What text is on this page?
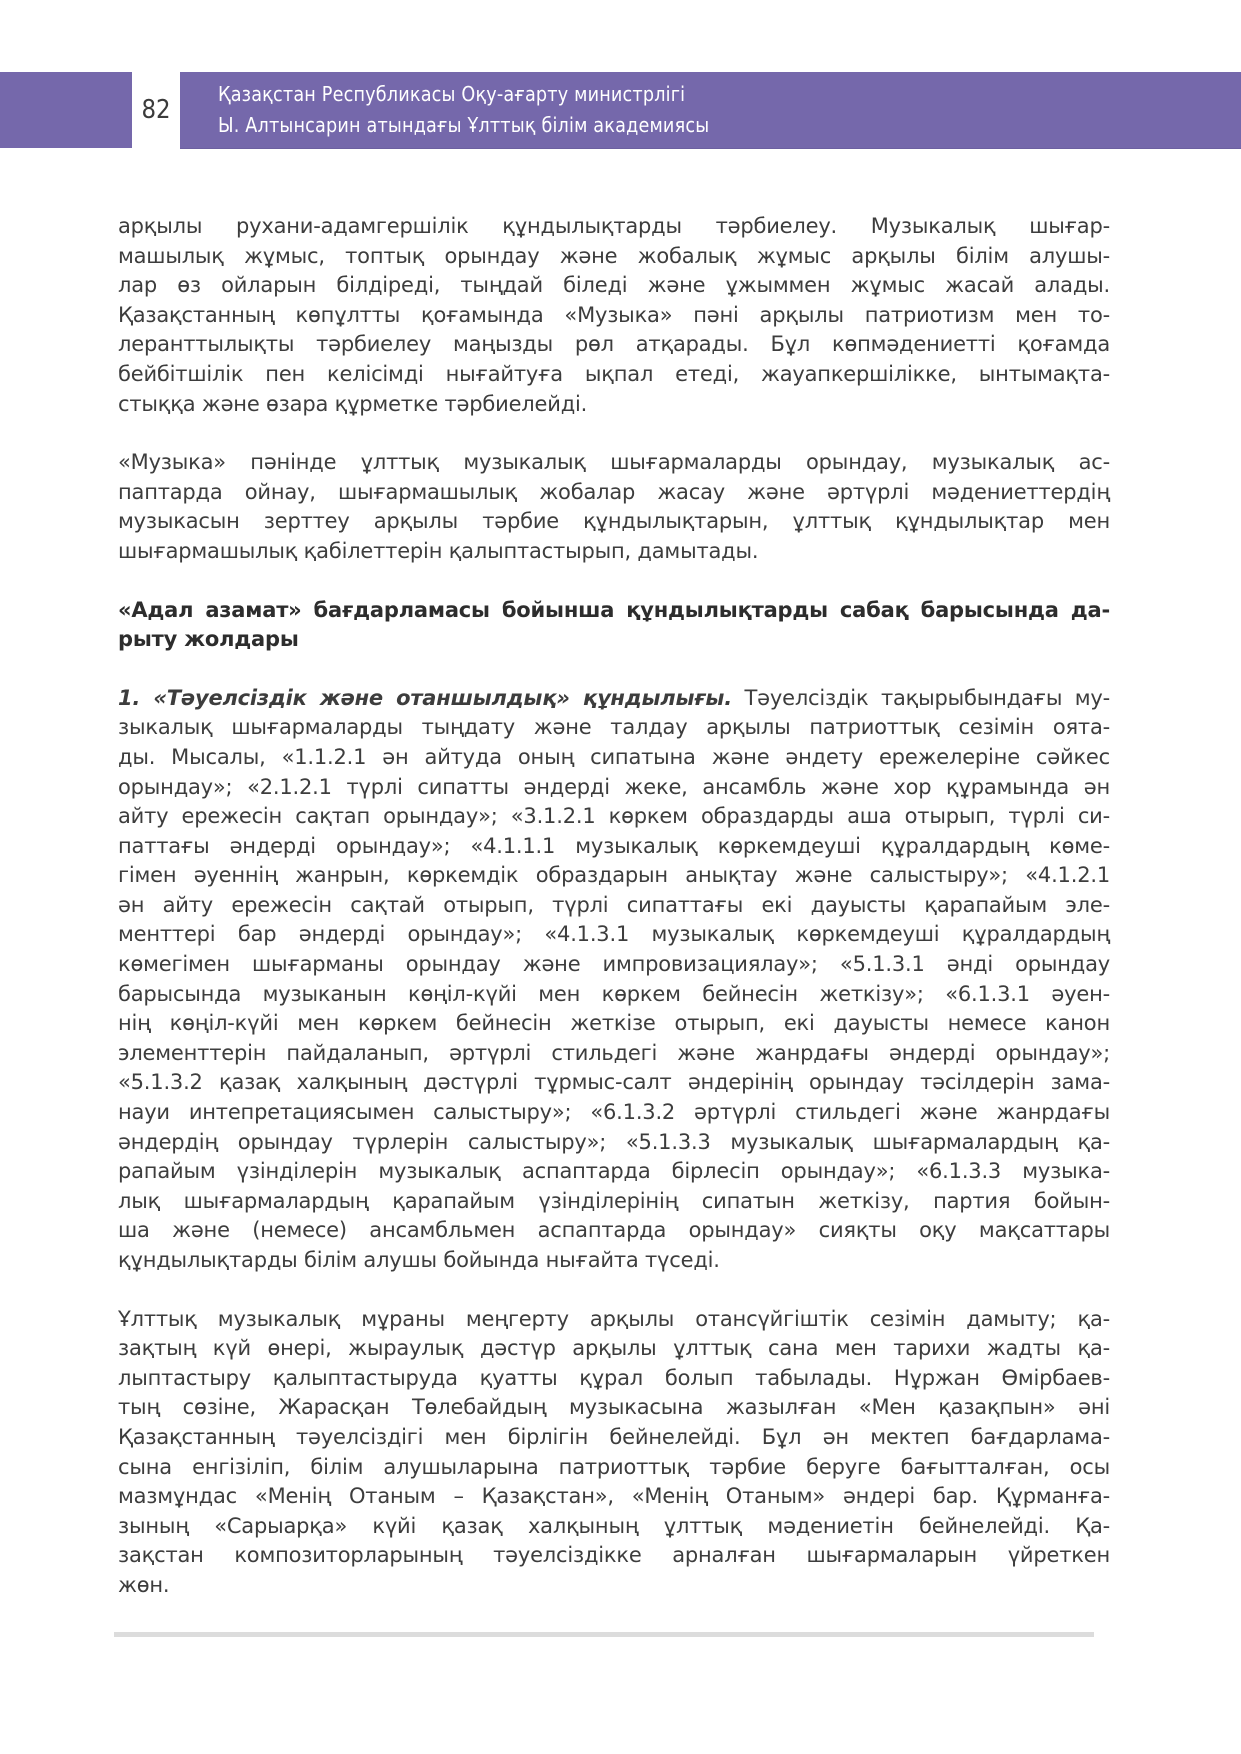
82
Қазақстан Республикасы Оқу-ағарту министрлігі
Ы. Алтынсарин атындағы Ұлттық білім академиясы
арқылы рухани-адамгершілік құндылықтарды тәрбиелеу. Музыкалық шығар-
машылық жұмыс, топтық орындау және жобалық жұмыс арқылы білім алушы-
лар өз ойларын білдіреді, тыңдай біледі және ұжыммен жұмыс жасай алады.
Қазақстанның көпұлтты қоғамында «Музыка» пәні арқылы патриотизм мен то-
леранттылықты тәрбиелеу маңызды рөл атқарады. Бұл көпмәдениетті қоғамда
бейбітшілік пен келісімді нығайтуға ықпал етеді, жауапкершілікке, ынтымақта-
стыққа және өзара құрметке тәрбиелейді.
«Музыка» пәнінде ұлттық музыкалық шығармаларды орындау, музыкалық ас-
паптарда ойнау, шығармашылық жобалар жасау және әртүрлі мәдениеттердің
музыкасын зерттеу арқылы тәрбие құндылықтарын, ұлттық құндылықтар мен
шығармашылық қабілеттерін қалыптастырып, дамытады.
«Адал азамат» бағдарламасы бойынша құндылықтарды сабақ барысында да-
рыту жолдары
1. «Тәуелсіздік және отаншылдық» құндылығы. Тәуелсіздік тақырыбындағы му-
зыкалық шығармаларды тыңдату және талдау арқылы патриоттық сезімін оята-
ды. Мысалы, «1.1.2.1 ән айтуда оның сипатына және әндету ережелеріне сәйкес
орындау»; «2.1.2.1 түрлі сипатты әндерді жеке, ансамбль және хор құрамында ән
айту ережесін сақтап орындау»; «3.1.2.1 көркем образдарды аша отырып, түрлі си-
паттағы әндерді орындау»; «4.1.1.1 музыкалық көркемдеуші құралдардың көме-
гімен әуеннің жанрын, көркемдік образдарын анықтау және салыстыру»; «4.1.2.1
ән айту ережесін сақтай отырып, түрлі сипаттағы екі дауысты қарапайым эле-
менттері бар әндерді орындау»; «4.1.3.1 музыкалық көркемдеуші құралдардың
көмегімен шығарманы орындау және импровизациялау»; «5.1.3.1 әнді орындау
барысында музыканын көңіл-күйі мен көркем бейнесін жеткізу»; «6.1.3.1 әуен-
нің көңіл-күйі мен көркем бейнесін жеткізе отырып, екі дауысты немесе канон
элементтерін пайдаланып, әртүрлі стильдегі және жанрдағы әндерді орындау»;
«5.1.3.2 қазақ халқының дәстүрлі тұрмыс-салт әндерінің орындау тәсілдерін зама-
науи интепретациясымен салыстыру»; «6.1.3.2 әртүрлі стильдегі және жанрдағы
әндердің орындау түрлерін салыстыру»; «5.1.3.3 музыкалық шығармалардың қа-
рапайым үзінділерін музыкалық аспаптарда бірлесіп орындау»; «6.1.3.3 музыка-
лық шығармалардың қарапайым үзінділерінің сипатын жеткізу, партия бойын-
ша және (немесе) ансамбльмен аспаптарда орындау» сияқты оқу мақсаттары
құндылықтарды білім алушы бойында нығайта түседі.
Ұлттық музыкалық мұраны меңгерту арқылы отансүйгіштік сезімін дамыту; қа-
зақтың күй өнері, жыраулық дәстүр арқылы ұлттық сана мен тарихи жадты қа-
лыптастыру қалыптастыруда қуатты құрал болып табылады. Нұржан Өмірбаев-
тың сөзіне, Жарасқан Төлебайдың музыкасына жазылған «Мен қазақпын» әні
Қазақстанның тәуелсіздігі мен бірлігін бейнелейді. Бұл ән мектеп бағдарлама-
сына енгізіліп, білім алушыларына патриоттық тәрбие беруге бағытталған, осы
мазмұндас «Менің Отаным – Қазақстан», «Менің Отаным» әндері бар. Құрманға-
зының «Сарыарқа» күйі қазақ халқының ұлттық мәдениетін бейнелейді. Қа-
зақстан композиторларының тәуелсіздікке арналған шығармаларын үйреткен
жөн.
